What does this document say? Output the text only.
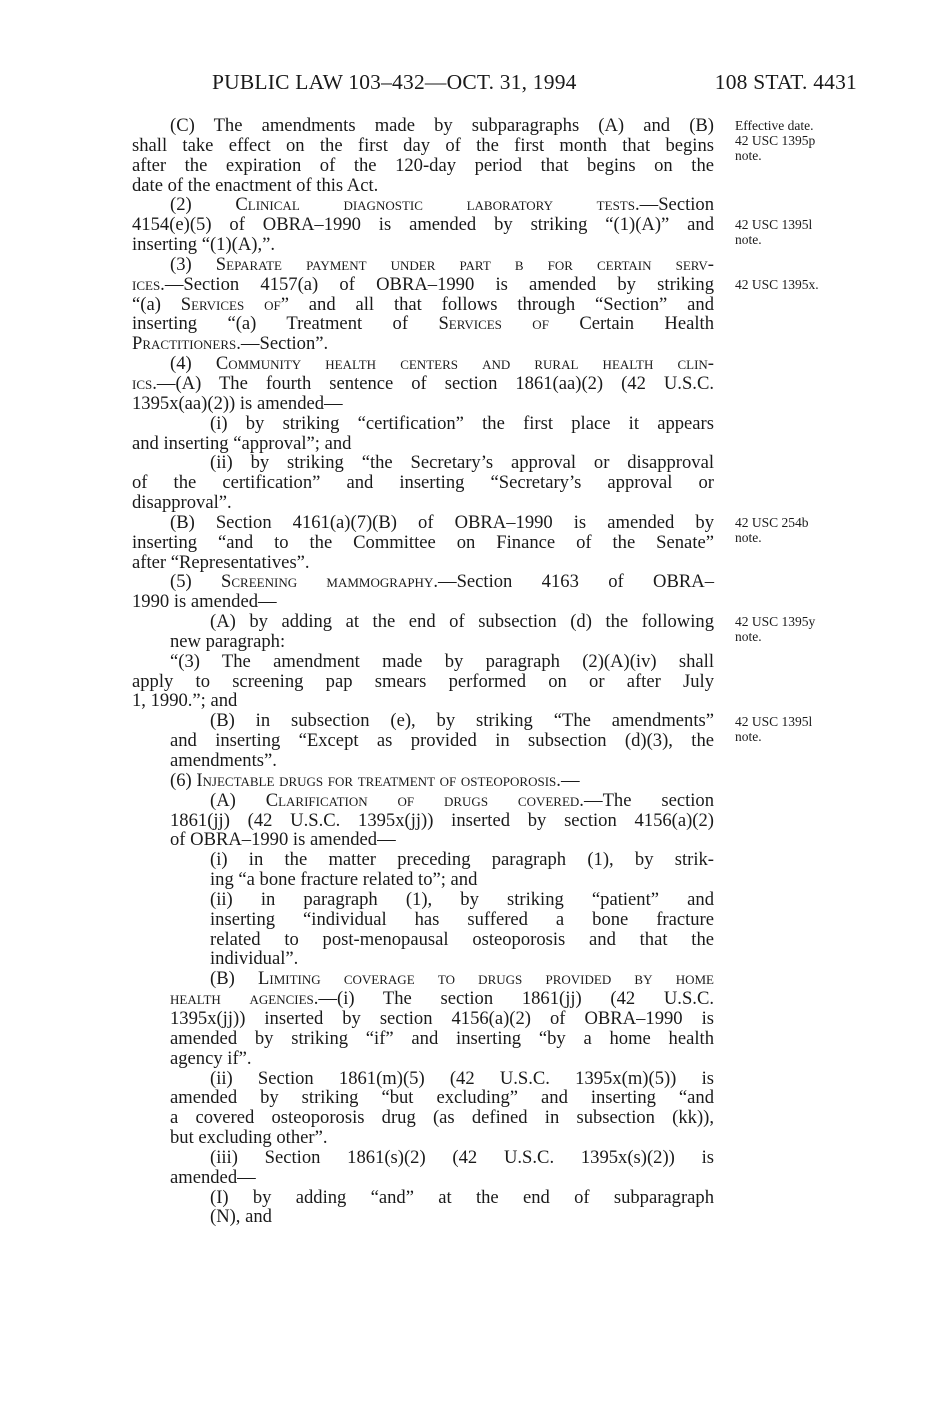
PUBLIC LAW 103–432—OCT. 31, 1994	108 STAT. 4431
(C) The amendments made by subparagraphs (A) and (B)
shall take effect on the first day of the first month that begins
after the expiration of the 120-day period that begins on the
date of the enactment of this Act.
(2) Clinical diagnostic laboratory tests.—Section
4154(e)(5) of OBRA–1990 is amended by striking “(1)(A)” and
inserting “(1)(A),”.
(3) Separate payment under part b for certain serv-
ices.—Section 4157(a) of OBRA–1990 is amended by striking
“(a) Services of” and all that follows through “Section” and
inserting “(a) Treatment of Services of Certain Health
Practitioners.—Section”.
(4) Community health centers and rural health clin-
ics.—(A) The fourth sentence of section 1861(aa)(2) (42 U.S.C.
1395x(aa)(2)) is amended—
(i) by striking “certification” the first place it appears
and inserting “approval”; and
(ii) by striking “the Secretary’s approval or disapproval
of the certification” and inserting “Secretary’s approval or
disapproval”.
(B) Section 4161(a)(7)(B) of OBRA–1990 is amended by
inserting “and to the Committee on Finance of the Senate”
after “Representatives”.
(5) Screening mammography.—Section 4163 of OBRA–
1990 is amended—
(A) by adding at the end of subsection (d) the following
new paragraph:
“(3) The amendment made by paragraph (2)(A)(iv) shall
apply to screening pap smears performed on or after July
1, 1990.”; and
(B) in subsection (e), by striking “The amendments”
and inserting “Except as provided in subsection (d)(3), the
amendments”.
(6) Injectable drugs for treatment of osteoporosis.—
(A) Clarification of drugs covered.—The section
1861(jj) (42 U.S.C. 1395x(jj)) inserted by section 4156(a)(2)
of OBRA–1990 is amended—
(i) in the matter preceding paragraph (1), by strik-
ing “a bone fracture related to”; and
(ii) in paragraph (1), by striking “patient” and
inserting “individual has suffered a bone fracture
related to post-menopausal osteoporosis and that the
individual”.
(B) Limiting coverage to drugs provided by home
health agencies.—(i) The section 1861(jj) (42 U.S.C.
1395x(jj)) inserted by section 4156(a)(2) of OBRA–1990 is
amended by striking “if” and inserting “by a home health
agency if”.
(ii) Section 1861(m)(5) (42 U.S.C. 1395x(m)(5)) is
amended by striking “but excluding” and inserting “and
a covered osteoporosis drug (as defined in subsection (kk)),
but excluding other”.
(iii) Section 1861(s)(2) (42 U.S.C. 1395x(s)(2)) is
amended—
(I) by adding “and” at the end of subparagraph
(N), and
Effective date.
42 USC 1395p
note.
42 USC 1395l
note.
42 USC 1395x.
42 USC 254b
note.
42 USC 1395y
note.
42 USC 1395l
note.
